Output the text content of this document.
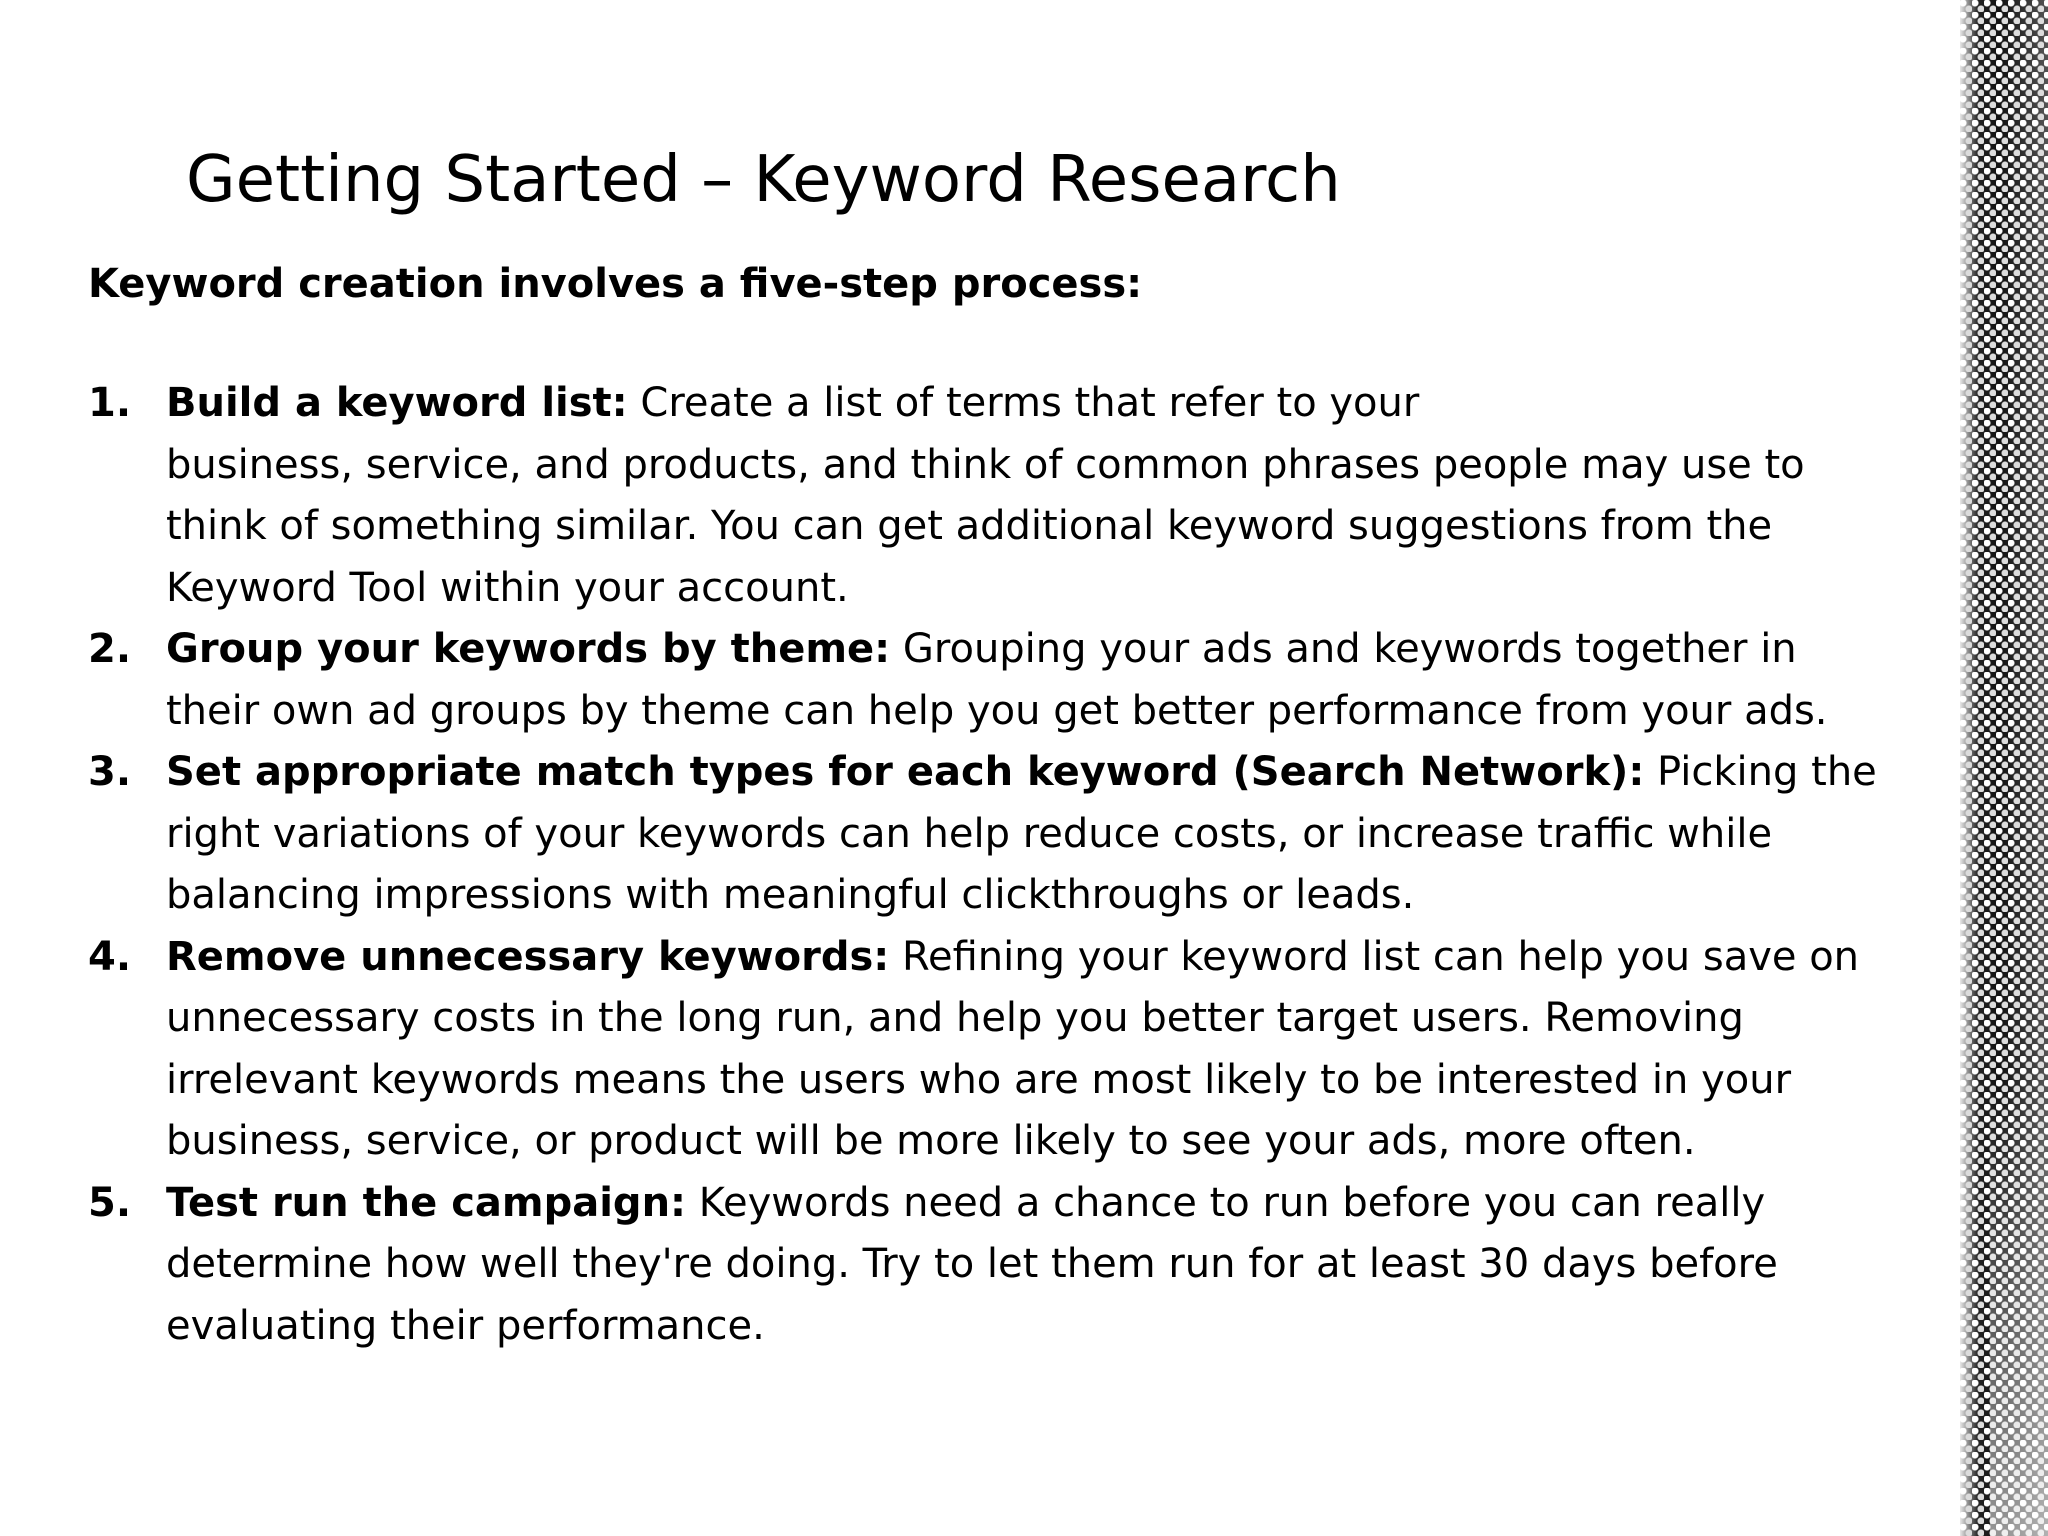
Getting Started – Keyword Research

Keyword creation involves a five-step process:

1. Build a keyword list: Create a list of terms that refer to your
business, service, and products, and think of common phrases people may use to think of something similar. You can get additional keyword suggestions from the Keyword Tool within your account.
2. Group your keywords by theme: Grouping your ads and keywords together in their own ad groups by theme can help you get better performance from your ads.
3. Set appropriate match types for each keyword (Search Network): Picking the right variations of your keywords can help reduce costs, or increase traffic while balancing impressions with meaningful clickthroughs or leads.
4. Remove unnecessary keywords: Refining your keyword list can help you save on unnecessary costs in the long run, and help you better target users. Removing irrelevant keywords means the users who are most likely to be interested in your business, service, or product will be more likely to see your ads, more often.
5. Test run the campaign: Keywords need a chance to run before you can really determine how well they're doing. Try to let them run for at least 30 days before evaluating their performance.
